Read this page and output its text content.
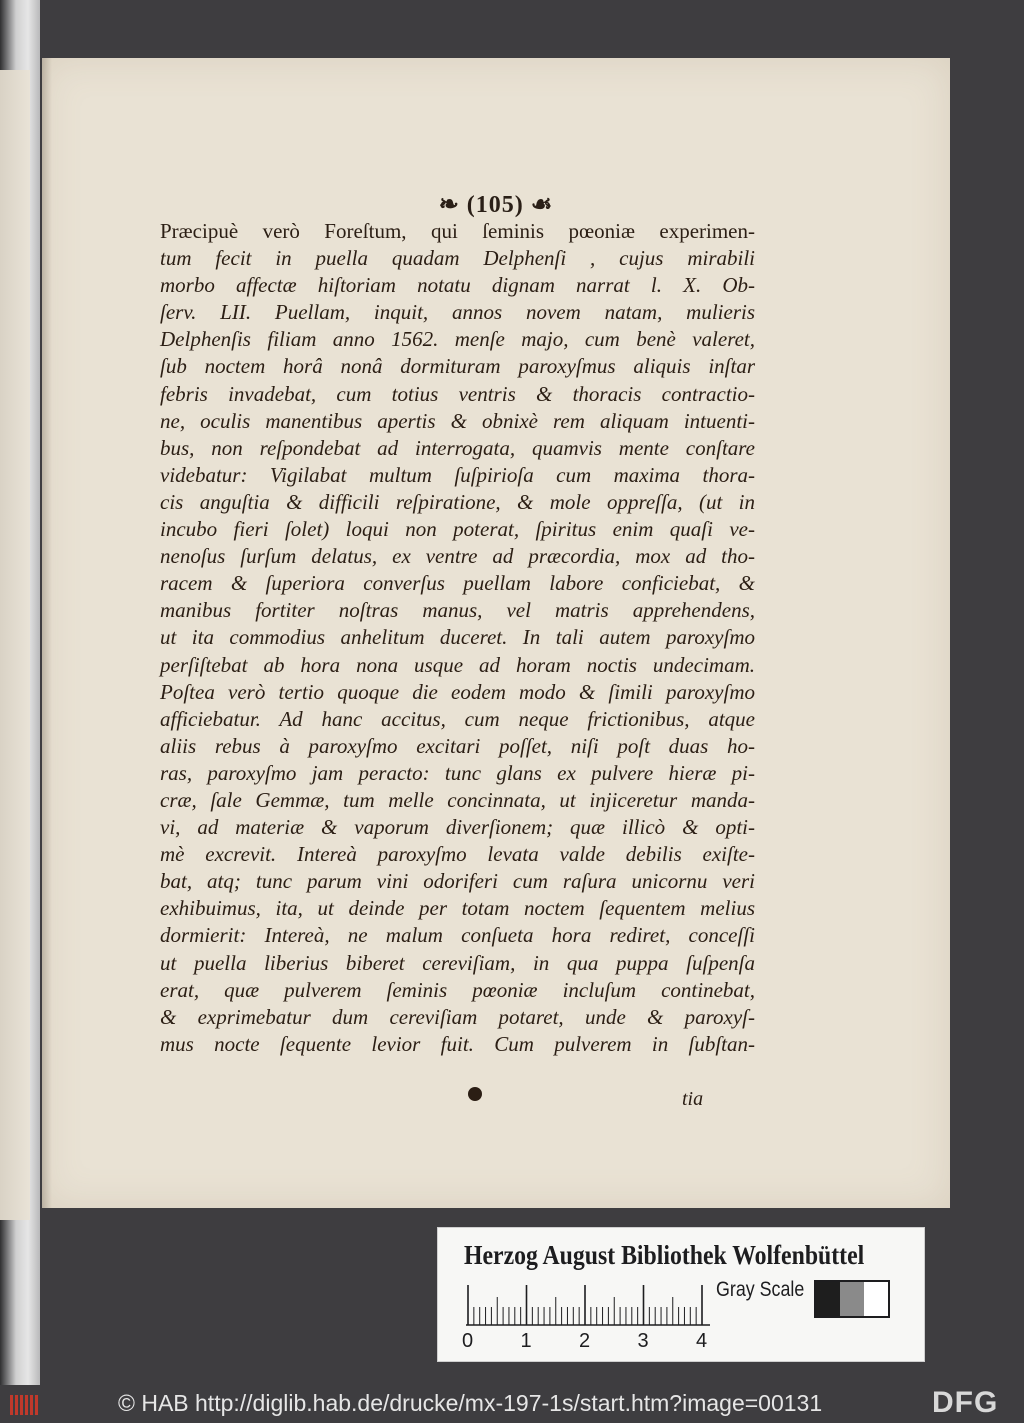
❧ (105) ☙
Præcipuè verò Foreſtum, qui ſeminis pœoniæ experimen-
tum fecit in puella quadam Delphenſi , cujus mirabili
morbo affectæ hiſtoriam notatu dignam narrat l. X. Ob-
ſerv. LII. Puellam, inquit, annos novem natam, mulieris
Delphenſis filiam anno 1562. menſe majo, cum benè valeret,
ſub noctem horâ nonâ dormituram paroxyſmus aliquis inſtar
febris invadebat, cum totius ventris & thoracis contractio-
ne, oculis manentibus apertis & obnixè rem aliquam intuenti-
bus, non reſpondebat ad interrogata, quamvis mente conſtare
videbatur: Vigilabat multum ſuſpirioſa cum maxima thora-
cis anguſtia & difficili reſpiratione, & mole oppreſſa, (ut in
incubo fieri ſolet) loqui non poterat, ſpiritus enim quaſi ve-
nenoſus ſurſum delatus, ex ventre ad præcordia, mox ad tho-
racem & ſuperiora converſus puellam labore conficiebat, &
manibus fortiter noſtras manus, vel matris apprehendens,
ut ita commodius anhelitum duceret. In tali autem paroxyſmo
perſiſtebat ab hora nona usque ad horam noctis undecimam.
Poſtea verò tertio quoque die eodem modo & ſimili paroxyſmo
afficiebatur. Ad hanc accitus, cum neque frictionibus, atque
aliis rebus à paroxyſmo excitari poſſet, niſi poſt duas ho-
ras, paroxyſmo jam peracto: tunc glans ex pulvere hieræ pi-
cræ, ſale Gemmæ, tum melle concinnata, ut injiceretur manda-
vi, ad materiæ & vaporum diverſionem; quæ illicò & opti-
mè excrevit. Intereà paroxyſmo levata valde debilis exiſte-
bat, atq; tunc parum vini odoriferi cum raſura unicornu veri
exhibuimus, ita, ut deinde per totam noctem ſequentem melius
dormierit: Intereà, ne malum conſueta hora rediret, conceſſi
ut puella liberius biberet cereviſiam, in qua puppa ſuſpenſa
erat, quæ pulverem ſeminis pœoniæ incluſum continebat,
& exprimebatur dum cereviſiam potaret, unde & paroxyſ-
mus nocte ſequente levior fuit. Cum pulverem in ſubſtan-
tia
Herzog August Bibliothek Wolfenbüttel
0 1 2 3 4
Gray Scale
© HAB http://diglib.hab.de/drucke/mx-197-1s/start.htm?image=00131	DFG
